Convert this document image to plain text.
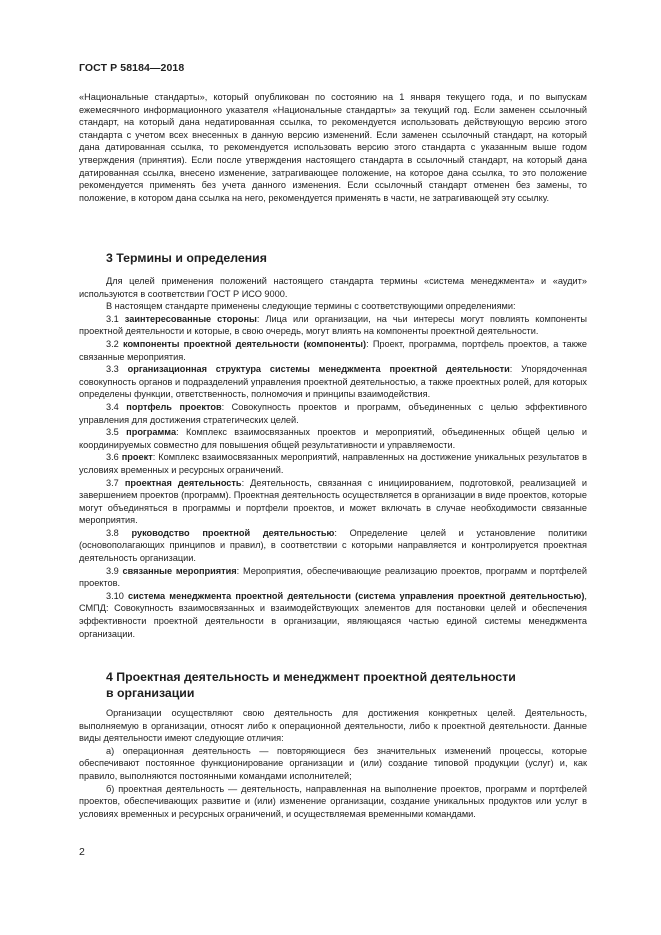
ГОСТ Р 58184—2018

«Национальные стандарты», который опубликован по состоянию на 1 января текущего года, и по выпускам ежемесячного информационного указателя «Национальные стандарты» за текущий год. Если заменен ссылочный стандарт, на который дана недатированная ссылка, то рекомендуется использовать действующую версию этого стандарта с учетом всех внесенных в данную версию изменений. Если заменен ссылочный стандарт, на который дана датированная ссылка, то рекомендуется использовать версию этого стандарта с указанным выше годом утверждения (принятия). Если после утверждения настоящего стандарта в ссылочный стандарт, на который дана датированная ссылка, внесено изменение, затрагивающее положение, на которое дана ссылка, то это положение рекомендуется применять без учета данного изменения. Если ссылочный стандарт отменен без замены, то положение, в котором дана ссылка на него, рекомендуется применять в части, не затрагивающей эту ссылку.

3 Термины и определения

Для целей применения положений настоящего стандарта термины «система менеджмента» и «аудит» используются в соответствии ГОСТ Р ИСО 9000.

В настоящем стандарте применены следующие термины с соответствующими определениями:

3.1 заинтересованные стороны: Лица или организации, на чьи интересы могут повлиять компоненты проектной деятельности и которые, в свою очередь, могут влиять на компоненты проектной деятельности.

3.2 компоненты проектной деятельности (компоненты): Проект, программа, портфель проектов, а также связанные мероприятия.

3.3 организационная структура системы менеджмента проектной деятельности: Упорядоченная совокупность органов и подразделений управления проектной деятельностью, а также проектных ролей, для которых определены функции, ответственность, полномочия и принципы взаимодействия.

3.4 портфель проектов: Совокупность проектов и программ, объединенных с целью эффективного управления для достижения стратегических целей.

3.5 программа: Комплекс взаимосвязанных проектов и мероприятий, объединенных общей целью и координируемых совместно для повышения общей результативности и управляемости.

3.6 проект: Комплекс взаимосвязанных мероприятий, направленных на достижение уникальных результатов в условиях временных и ресурсных ограничений.

3.7 проектная деятельность: Деятельность, связанная с инициированием, подготовкой, реализацией и завершением проектов (программ). Проектная деятельность осуществляется в организации в виде проектов, которые могут объединяться в программы и портфели проектов, и может включать в случае необходимости связанные мероприятия.

3.8 руководство проектной деятельностью: Определение целей и установление политики (основополагающих принципов и правил), в соответствии с которыми направляется и контролируется проектная деятельность организации.

3.9 связанные мероприятия: Мероприятия, обеспечивающие реализацию проектов, программ и портфелей проектов.

3.10 система менеджмента проектной деятельности (система управления проектной деятельностью), СМПД: Совокупность взаимосвязанных и взаимодействующих элементов для постановки целей и обеспечения эффективности проектной деятельности в организации, являющаяся частью единой системы менеджмента организации.

4 Проектная деятельность и менеджмент проектной деятельности
в организации

Организации осуществляют свою деятельность для достижения конкретных целей. Деятельность, выполняемую в организации, относят либо к операционной деятельности, либо к проектной деятельности. Данные виды деятельности имеют следующие отличия:

а) операционная деятельность — повторяющиеся без значительных изменений процессы, которые обеспечивают постоянное функционирование организации и (или) создание типовой продукции (услуг) и, как правило, выполняются постоянными командами исполнителей;

б) проектная деятельность — деятельность, направленная на выполнение проектов, программ и портфелей проектов, обеспечивающих развитие и (или) изменение организации, создание уникальных продуктов или услуг в условиях временных и ресурсных ограничений, и осуществляемая временными командами.

2
